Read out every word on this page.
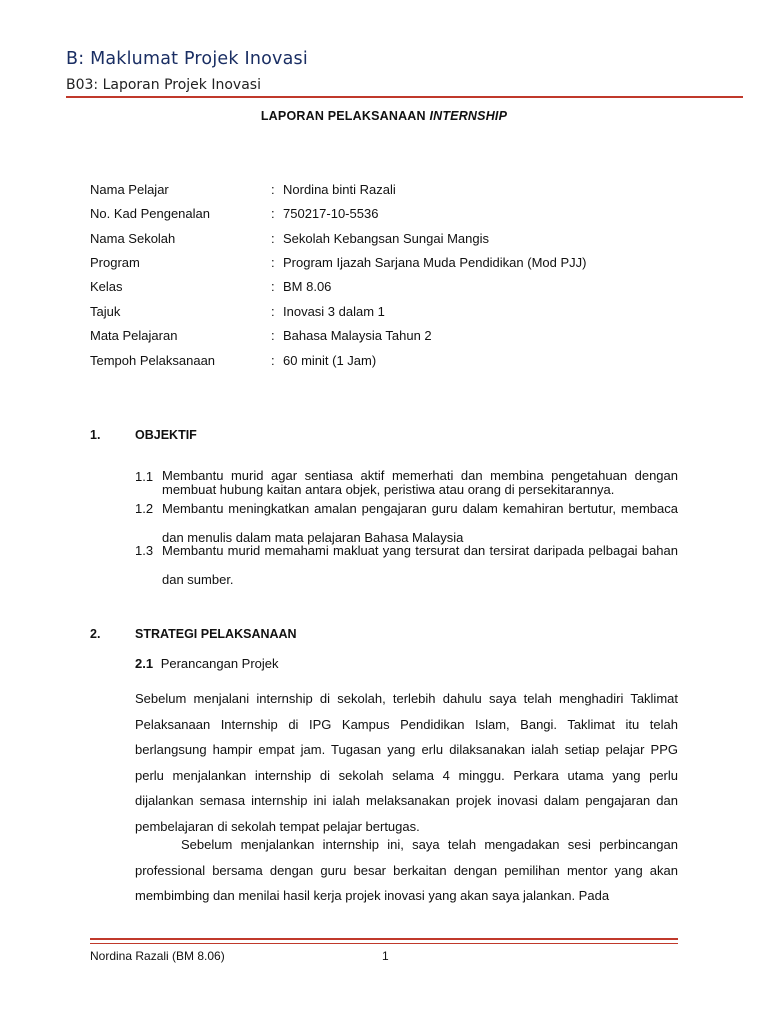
B: Maklumat Projek Inovasi
B03: Laporan Projek Inovasi
LAPORAN PELAKSANAAN INTERNSHIP
Nama Pelajar	: Nordina binti Razali
No. Kad Pengenalan	: 750217-10-5536
Nama Sekolah	: Sekolah Kebangsan Sungai Mangis
Program	: Program Ijazah Sarjana Muda Pendidikan (Mod PJJ)
Kelas	: BM 8.06
Tajuk	: Inovasi 3 dalam 1
Mata Pelajaran	: Bahasa Malaysia Tahun 2
Tempoh Pelaksanaan	: 60 minit (1 Jam)
1.	OBJEKTIF
1.1 Membantu murid agar sentiasa aktif memerhati dan membina pengetahuan dengan membuat hubung kaitan antara objek, peristiwa atau orang di persekitarannya.
1.2 Membantu meningkatkan amalan pengajaran guru dalam kemahiran bertutur, membaca dan menulis dalam mata pelajaran Bahasa Malaysia
1.3 Membantu murid memahami makluat yang tersurat dan tersirat daripada pelbagai bahan dan sumber.
2.	STRATEGI PELAKSANAAN
2.1 Perancangan Projek

Sebelum menjalani internship di sekolah, terlebih dahulu saya telah menghadiri Taklimat Pelaksanaan Internship di IPG Kampus Pendidikan Islam, Bangi. Taklimat itu telah berlangsung hampir empat jam. Tugasan yang erlu dilaksanakan ialah setiap pelajar PPG perlu menjalankan internship di sekolah selama 4 minggu. Perkara utama yang perlu dijalankan semasa internship ini ialah melaksanakan projek inovasi dalam pengajaran dan pembelajaran di sekolah tempat pelajar bertugas.

Sebelum menjalankan internship ini, saya telah mengadakan sesi perbincangan professional bersama dengan guru besar berkaitan dengan pemilihan mentor yang akan membimbing dan menilai hasil kerja projek inovasi yang akan saya jalankan. Pada

Nordina Razali (BM 8.06)	1
